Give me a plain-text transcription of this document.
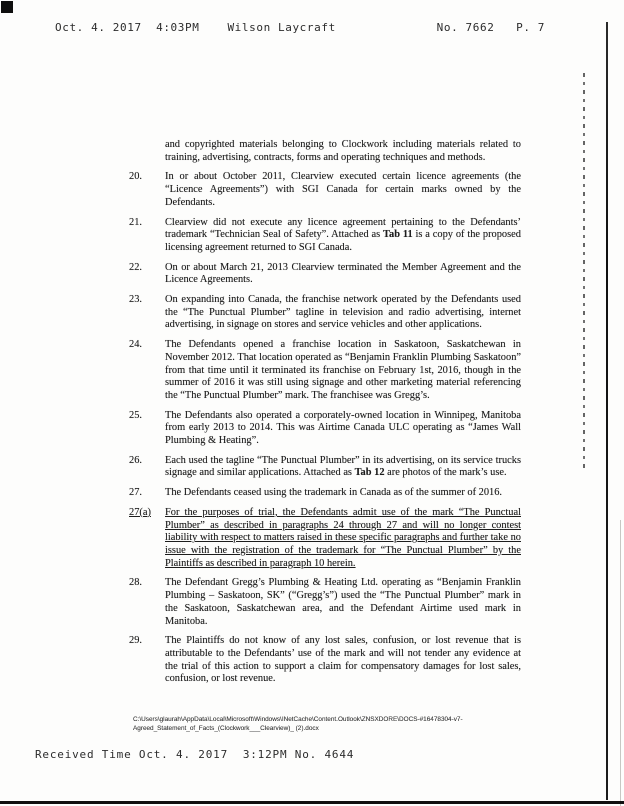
Oct. 4. 2017  4:03PM	Wilson Laycraft	No. 7662   P. 7
and copyrighted materials belonging to Clockwork including materials related to training, advertising, contracts, forms and operating techniques and methods.
20.	In or about October 2011, Clearview executed certain licence agreements (the “Licence Agreements”) with SGI Canada for certain marks owned by the Defendants.
21.	Clearview did not execute any licence agreement pertaining to the Defendants’ trademark “Technician Seal of Safety”. Attached as Tab 11 is a copy of the proposed licensing agreement returned to SGI Canada.
22.	On or about March 21, 2013 Clearview terminated the Member Agreement and the Licence Agreements.
23.	On expanding into Canada, the franchise network operated by the Defendants used the “The Punctual Plumber” tagline in television and radio advertising, internet advertising, in signage on stores and service vehicles and other applications.
24.	The Defendants opened a franchise location in Saskatoon, Saskatchewan in November 2012. That location operated as “Benjamin Franklin Plumbing Saskatoon” from that time until it terminated its franchise on February 1st, 2016, though in the summer of 2016 it was still using signage and other marketing material referencing the “The Punctual Plumber” mark. The franchisee was Gregg’s.
25.	The Defendants also operated a corporately-owned location in Winnipeg, Manitoba from early 2013 to 2014. This was Airtime Canada ULC operating as “James Wall Plumbing & Heating”.
26.	Each used the tagline “The Punctual Plumber” in its advertising, on its service trucks signage and similar applications. Attached as Tab 12 are photos of the mark’s use.
27.	The Defendants ceased using the trademark in Canada as of the summer of 2016.
27(a)	For the purposes of trial, the Defendants admit use of the mark “The Punctual Plumber” as described in paragraphs 24 through 27 and will no longer contest liability with respect to matters raised in these specific paragraphs and further take no issue with the registration of the trademark for “The Punctual Plumber” by the Plaintiffs as described in paragraph 10 herein.
28.	The Defendant Gregg’s Plumbing & Heating Ltd. operating as “Benjamin Franklin Plumbing – Saskatoon, SK” (“Gregg’s”) used the “The Punctual Plumber” mark in the Saskatoon, Saskatchewan area, and the Defendant Airtime used mark in Manitoba.
29.	The Plaintiffs do not know of any lost sales, confusion, or lost revenue that is attributable to the Defendants’ use of the mark and will not tender any evidence at the trial of this action to support a claim for compensatory damages for lost sales, confusion, or lost revenue.
C:\Users\glaurah\AppData\Local\Microsoft\Windows\INetCache\Content.Outlook\ZNSXDORE\DOCS-#16478304-v7-
Agreed_Statement_of_Facts_(Clockwork___Clearview)_ (2).docx
Received Time Oct. 4. 2017  3:12PM No. 4644
